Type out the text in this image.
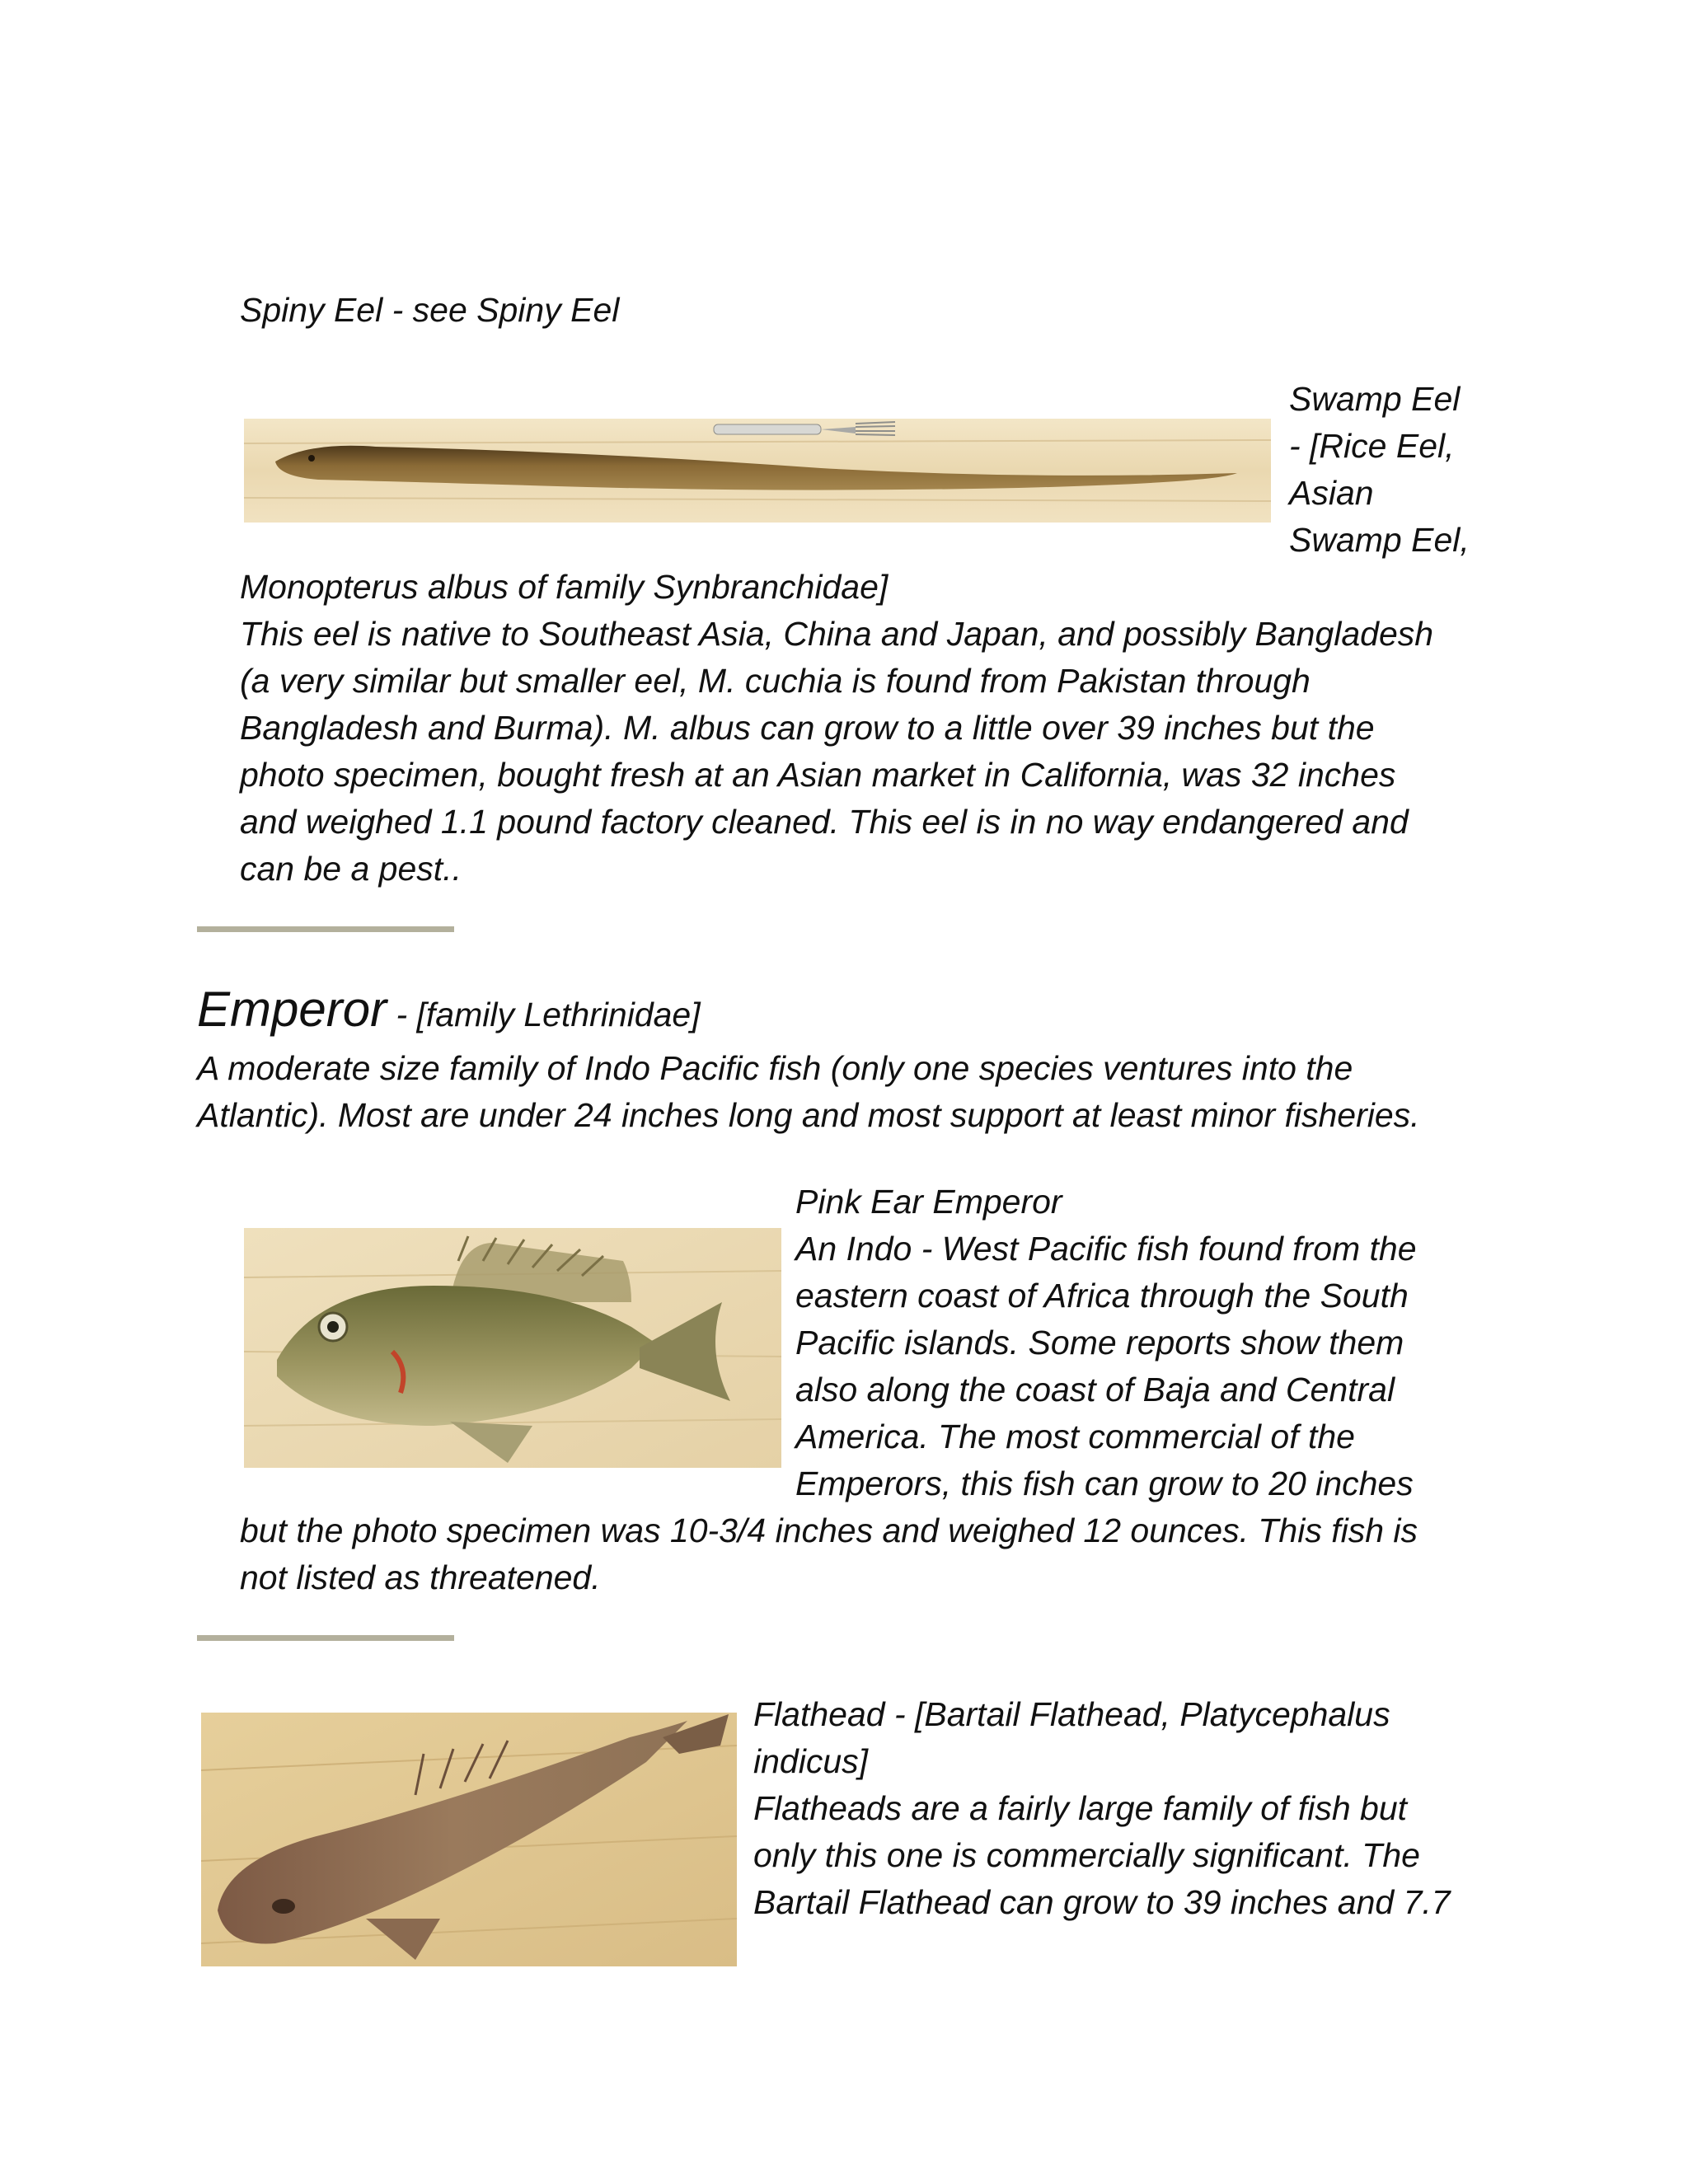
Spiny Eel - see Spiny Eel

Swamp Eel

- [Rice Eel,

Asian

Swamp Eel,

Monopterus albus of family Synbranchidae]

This eel is native to Southeast Asia, China and Japan, and possibly Bangladesh

(a very similar but smaller eel, M. cuchia is found from Pakistan through

Bangladesh and Burma). M. albus can grow to a little over 39 inches but the

photo specimen, bought fresh at an Asian market in California, was 32 inches

and weighed 1.1 pound factory cleaned. This eel is in no way endangered and

can be a pest..

Emperor - [family Lethrinidae]

A moderate size family of Indo Pacific fish (only one species ventures into the

Atlantic). Most are under 24 inches long and most support at least minor fisheries.

Pink Ear Emperor

An Indo - West Pacific fish found from the

eastern coast of Africa through the South

Pacific islands. Some reports show them

also along the coast of Baja and Central

America. The most commercial of the

Emperors, this fish can grow to 20 inches

but the photo specimen was 10-3/4 inches and weighed 12 ounces. This fish is

not listed as threatened.

Flathead - [Bartail Flathead, Platycephalus

indicus]

Flatheads are a fairly large family of fish but

only this one is commercially significant. The

Bartail Flathead can grow to 39 inches and 7.7
